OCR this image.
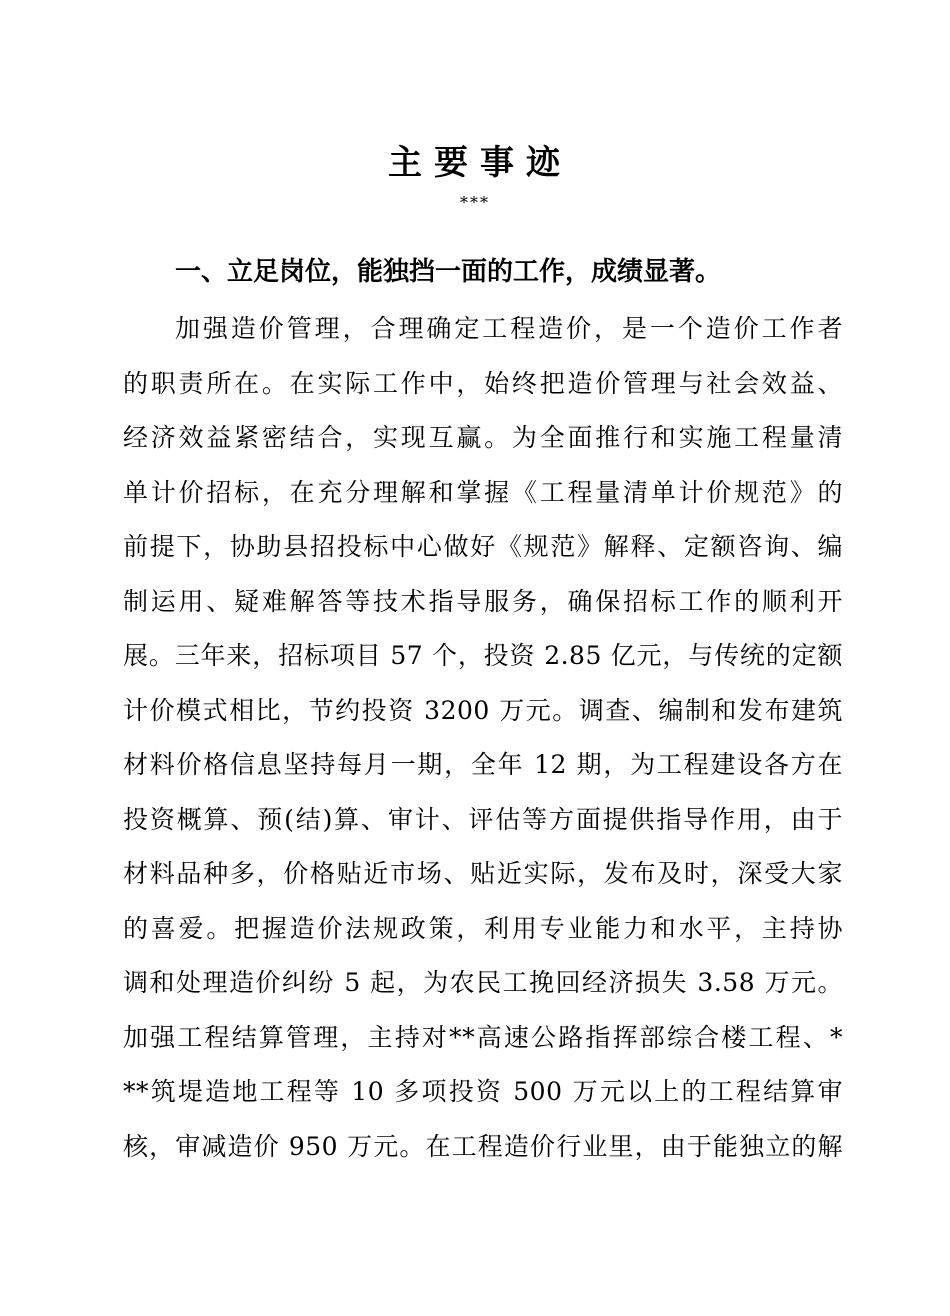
主要事迹
***
一、立足岗位，能独挡一面的工作，成绩显著。
加强造价管理，合理确定工程造价，是一个造价工作者
的职责所在。在实际工作中，始终把造价管理与社会效益、
经济效益紧密结合，实现互赢。为全面推行和实施工程量清
单计价招标，在充分理解和掌握《工程量清单计价规范》的
前提下，协助县招投标中心做好《规范》解释、定额咨询、编
制运用、疑难解答等技术指导服务，确保招标工作的顺利开
展。三年来，招标项目 57 个，投资 2.85 亿元，与传统的定额
计价模式相比，节约投资 3200 万元。调查、编制和发布建筑
材料价格信息坚持每月一期，全年 12 期，为工程建设各方在
投资概算、预(结)算、审计、评估等方面提供指导作用，由于
材料品种多，价格贴近市场、贴近实际，发布及时，深受大家
的喜爱。把握造价法规政策，利用专业能力和水平，主持协
调和处理造价纠纷 5 起，为农民工挽回经济损失 3.58 万元。
加强工程结算管理，主持对**高速公路指挥部综合楼工程、*
**筑堤造地工程等 10 多项投资 500 万元以上的工程结算审
核，审减造价 950 万元。在工程造价行业里，由于能独立的解
